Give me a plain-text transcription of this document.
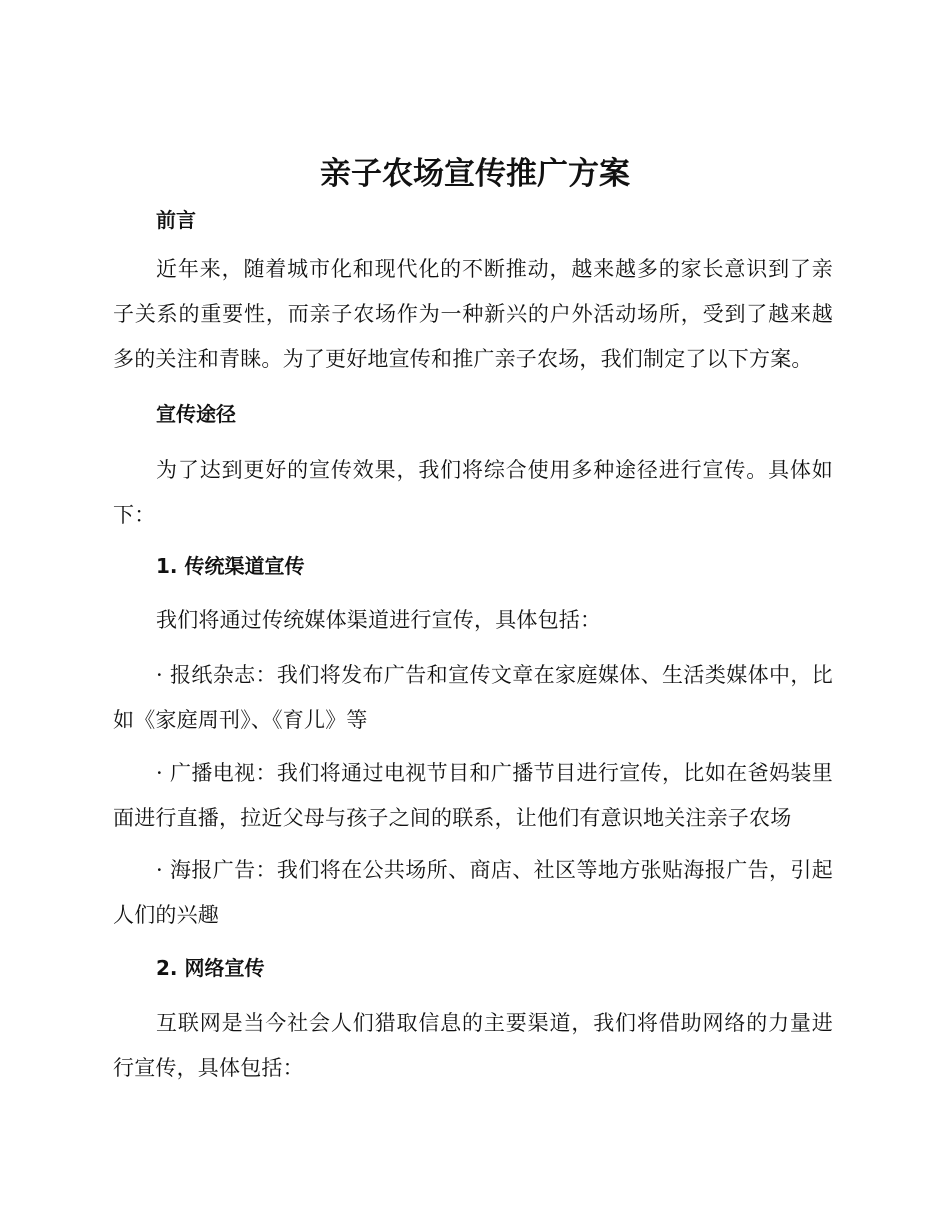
亲子农场宣传推广方案
前言

近年来，随着城市化和现代化的不断推动，越来越多的家长意识到了亲子关系的重要性，而亲子农场作为一种新兴的户外活动场所，受到了越来越多的关注和青睐。为了更好地宣传和推广亲子农场，我们制定了以下方案。

宣传途径

为了达到更好的宣传效果，我们将综合使用多种途径进行宣传。具体如下：

1. 传统渠道宣传

我们将通过传统媒体渠道进行宣传，具体包括：

· 报纸杂志：我们将发布广告和宣传文章在家庭媒体、生活类媒体中，比如《家庭周刊》、《育儿》等

· 广播电视：我们将通过电视节目和广播节目进行宣传，比如在爸妈装里面进行直播，拉近父母与孩子之间的联系，让他们有意识地关注亲子农场

· 海报广告：我们将在公共场所、商店、社区等地方张贴海报广告，引起人们的兴趣

2. 网络宣传

互联网是当今社会人们猎取信息的主要渠道，我们将借助网络的力量进行宣传，具体包括：
